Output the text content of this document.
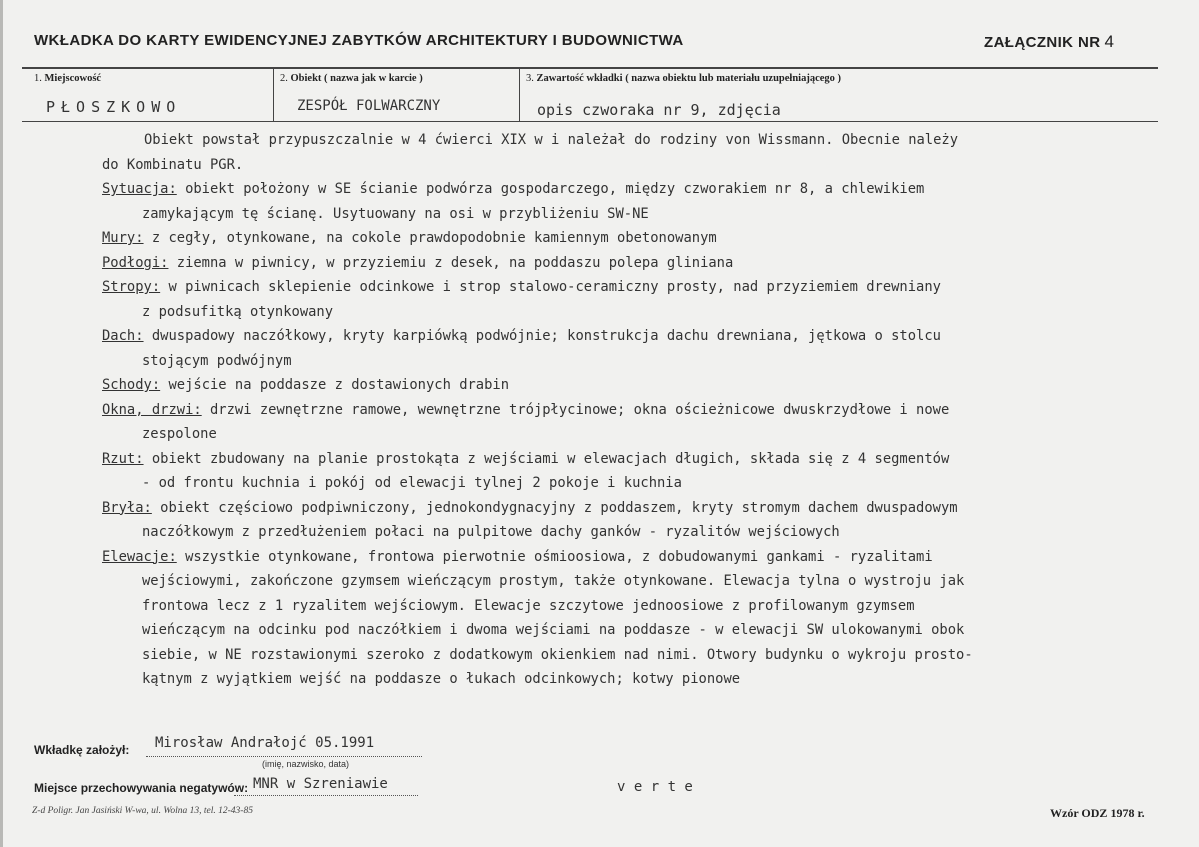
WKŁADKA DO KARTY EWIDENCYJNEJ ZABYTKÓW ARCHITEKTURY I BUDOWNICTWA	ZAŁĄCZNIK NR 4
1. Miejscowość	2. Obiekt ( nazwa jak w karcie )	3. Zawartość wkładki ( nazwa obiektu lub materiału uzupełniającego )
PŁOSZKOWO	ZESPÓŁ FOLWARCZNY	opis czworaka nr 9, zdjęcia
Obiekt powstał przypuszczalnie w 4 ćwierci XIX w i należał do rodziny von Wissmann. Obecnie należy
do Kombinatu PGR.
Sytuacja: obiekt położony w SE ścianie podwórza gospodarczego, między czworakiem nr 8, a chlewikiem
zamykającym tę ścianę. Usytuowany na osi w przybliżeniu SW-NE
Mury: z cegły, otynkowane, na cokole prawdopodobnie kamiennym obetonowanym
Podłogi: ziemna w piwnicy, w przyziemiu z desek, na poddaszu polepa gliniana
Stropy: w piwnicach sklepienie odcinkowe i strop stalowo-ceramiczny prosty, nad przyziemiem drewniany
z podsufitką otynkowany
Dach: dwuspadowy naczółkowy, kryty karpiówką podwójnie; konstrukcja dachu drewniana, jętkowa o stolcu
stojącym podwójnym
Schody: wejście na poddasze z dostawionych drabin
Okna, drzwi: drzwi zewnętrzne ramowe, wewnętrzne trójpłycinowe; okna ościeżnicowe dwuskrzydłowe i nowe
zespolone
Rzut: obiekt zbudowany na planie prostokąta z wejściami w elewacjach długich, składa się z 4 segmentów
- od frontu kuchnia i pokój od elewacji tylnej 2 pokoje i kuchnia
Bryła: obiekt częściowo podpiwniczony, jednokondygnacyjny z poddaszem, kryty stromym dachem dwuspadowym
naczółkowym z przedłużeniem połaci na pulpitowe dachy ganków - ryzalitów wejściowych
Elewacje: wszystkie otynkowane, frontowa pierwotnie ośmioosiowa, z dobudowanymi gankami - ryzalitami
wejściowymi, zakończone gzymsem wieńczącym prostym, także otynkowane. Elewacja tylna o wystroju jak
frontowa lecz z 1 ryzalitem wejściowym. Elewacje szczytowe jednoosiowe z profilowanym gzymsem
wieńczącym na odcinku pod naczółkiem i dwoma wejściami na poddasze - w elewacji SW ulokowanymi obok
siebie, w NE rozstawionymi szeroko z dodatkowym okienkiem nad nimi. Otwory budynku o wykroju prosto-
kątnym z wyjątkiem wejść na poddasze o łukach odcinkowych; kotwy pionowe
Wkładkę założył: Mirosław Andrałojć 05.1991
(imię, nazwisko, data)
Miejsce przechowywania negatywów: MNR w Szreniawie	v e r t e
Z-d Poligr. Jan Jasiński W-wa, ul. Wolna 13, tel. 12-43-85	Wzór ODZ 1978 r.
